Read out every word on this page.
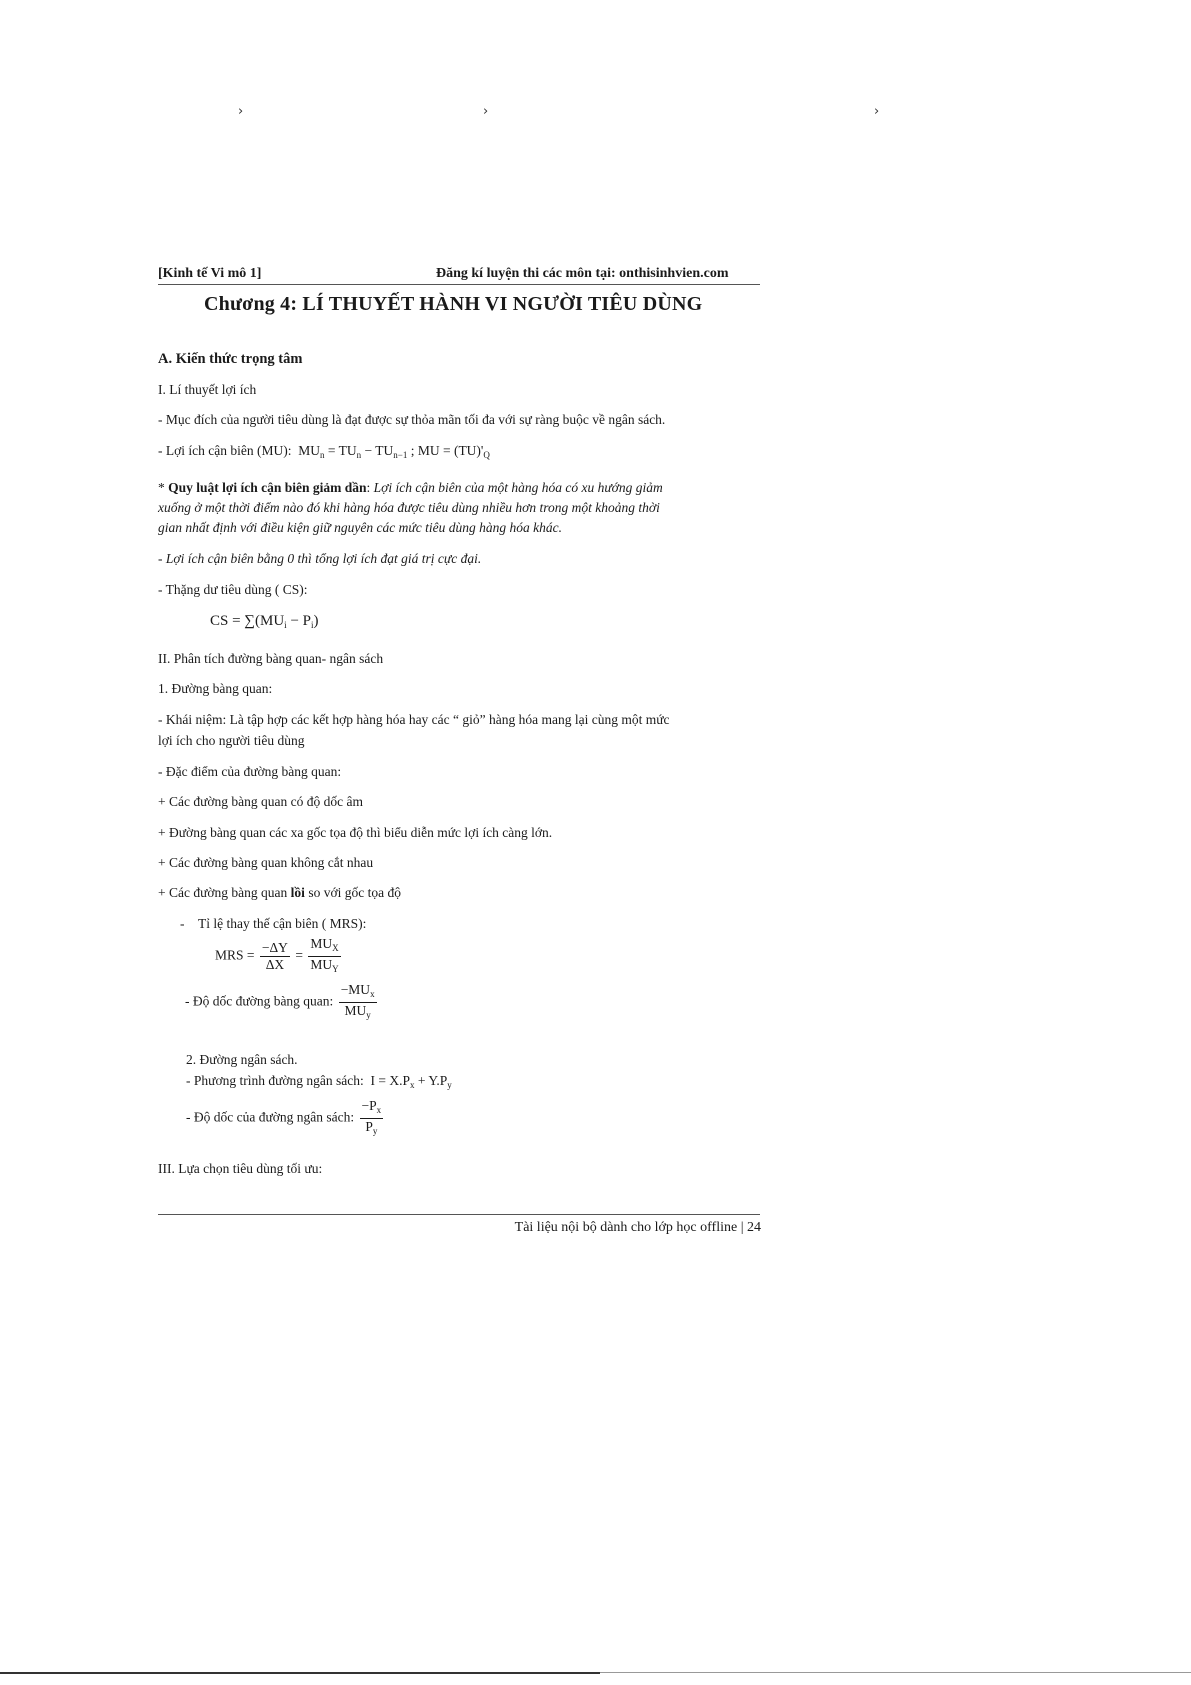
›	›	›
[Kinh tế Vi mô 1]	Đăng kí luyện thi các môn tại: onthisinhvien.com
Chương 4: LÍ THUYẾT HÀNH VI NGƯỜI TIÊU DÙNG
A. Kiến thức trọng tâm
I. Lí thuyết lợi ích
- Mục đích của người tiêu dùng là đạt được sự thỏa mãn tối đa với sự ràng buộc về ngân sách.
- Lợi ích cận biên (MU):  $MU_n = TU_n - TU_{n-1}$ ; MU = $(TU)'_Q$
* Quy luật lợi ích cận biên giảm dần: Lợi ích cận biên của một hàng hóa có xu hướng giảm
xuống ở một thời điểm nào đó khi hàng hóa được tiêu dùng nhiều hơn trong một khoảng thời
gian nhất định với điều kiện giữ nguyên các mức tiêu dùng hàng hóa khác.
- Lợi ích cận biên bằng 0 thì tổng lợi ích đạt giá trị cực đại.
- Thặng dư tiêu dùng ( CS):
CS = $\sum(MU_i - P_i)$
II. Phân tích đường bàng quan- ngân sách
1. Đường bàng quan:
- Khái niệm: Là tập hợp các kết hợp hàng hóa hay các “ giỏ” hàng hóa mang lại cùng một mức
lợi ích cho người tiêu dùng
- Đặc điểm của đường bàng quan:
+ Các đường bàng quan có độ dốc âm
+ Đường bàng quan các xa gốc tọa độ thì biểu diễn mức lợi ích càng lớn.
+ Các đường bàng quan không cắt nhau
+ Các đường bàng quan lồi so với gốc tọa độ
-    Tỉ lệ thay thế cận biên ( MRS):
MRS = $\frac{-\Delta Y}{\Delta X} = \frac{MU_X}{MU_Y}$
- Độ dốc đường bàng quan: $\frac{-MU_x}{MU_y}$
2. Đường ngân sách.
- Phương trình đường ngân sách:  $I = X.P_x + Y.P_y$
- Độ dốc của đường ngân sách: $\frac{-P_x}{P_y}$
III. Lựa chọn tiêu dùng tối ưu:
Tài liệu nội bộ dành cho lớp học offline | 24
